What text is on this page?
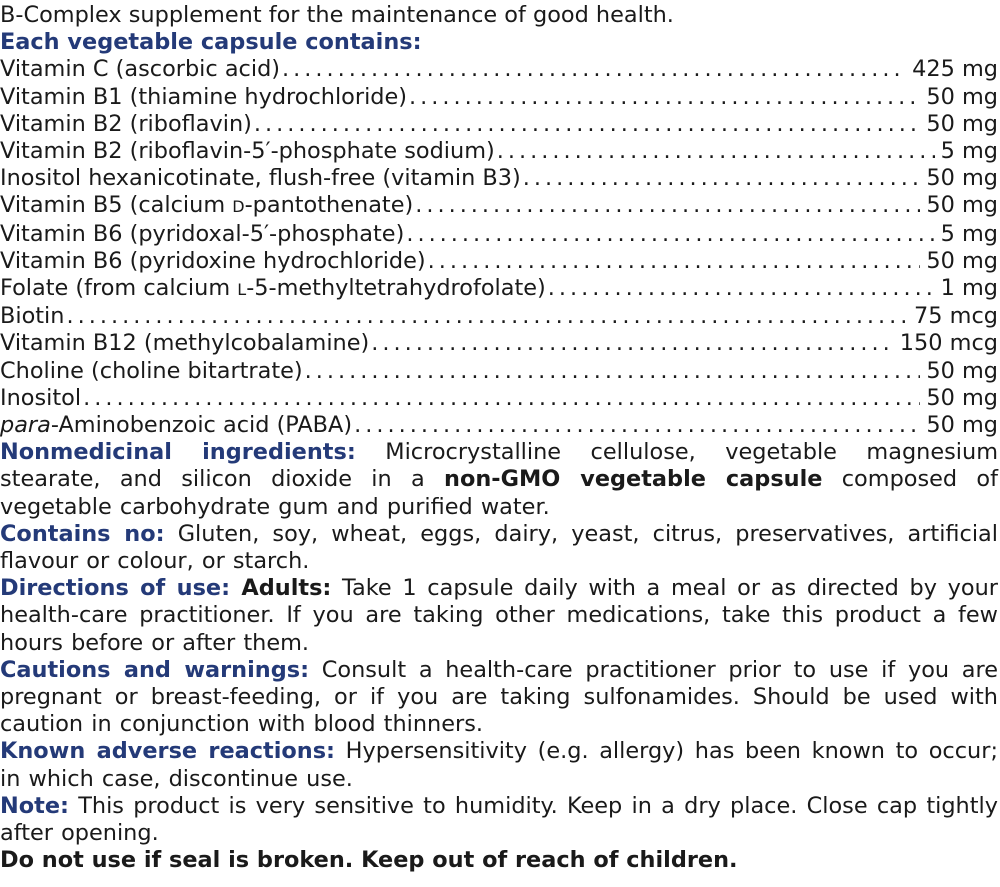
B-Complex supplement for the maintenance of good health.
Each vegetable capsule contains:
Vitamin C (ascorbic acid) .....	425 mg
Vitamin B1 (thiamine hydrochloride) .....	50 mg
Vitamin B2 (riboflavin) .....	50 mg
Vitamin B2 (riboflavin-5′-phosphate sodium) .....	5 mg
Inositol hexanicotinate, flush-free (vitamin B3) .....	50 mg
Vitamin B5 (calcium D-pantothenate) .....	50 mg
Vitamin B6 (pyridoxal-5′-phosphate) .....	5 mg
Vitamin B6 (pyridoxine hydrochloride) .....	50 mg
Folate (from calcium L-5-methyltetrahydrofolate) .....	1 mg
Biotin .....	75 mcg
Vitamin B12 (methylcobalamine) .....	150 mcg
Choline (choline bitartrate) .....	50 mg
Inositol .....	50 mg
para-Aminobenzoic acid (PABA) .....	50 mg
Nonmedicinal ingredients: Microcrystalline cellulose, vegetable magnesium stearate, and silicon dioxide in a non-GMO vegetable capsule composed of vegetable carbohydrate gum and purified water.
Contains no: Gluten, soy, wheat, eggs, dairy, yeast, citrus, preservatives, artificial flavour or colour, or starch.
Directions of use: Adults: Take 1 capsule daily with a meal or as directed by your health-care practitioner. If you are taking other medications, take this product a few hours before or after them.
Cautions and warnings: Consult a health-care practitioner prior to use if you are pregnant or breast-feeding, or if you are taking sulfonamides. Should be used with caution in conjunction with blood thinners.
Known adverse reactions: Hypersensitivity (e.g. allergy) has been known to occur; in which case, discontinue use.
Note: This product is very sensitive to humidity. Keep in a dry place. Close cap tightly after opening.
Do not use if seal is broken. Keep out of reach of children.
